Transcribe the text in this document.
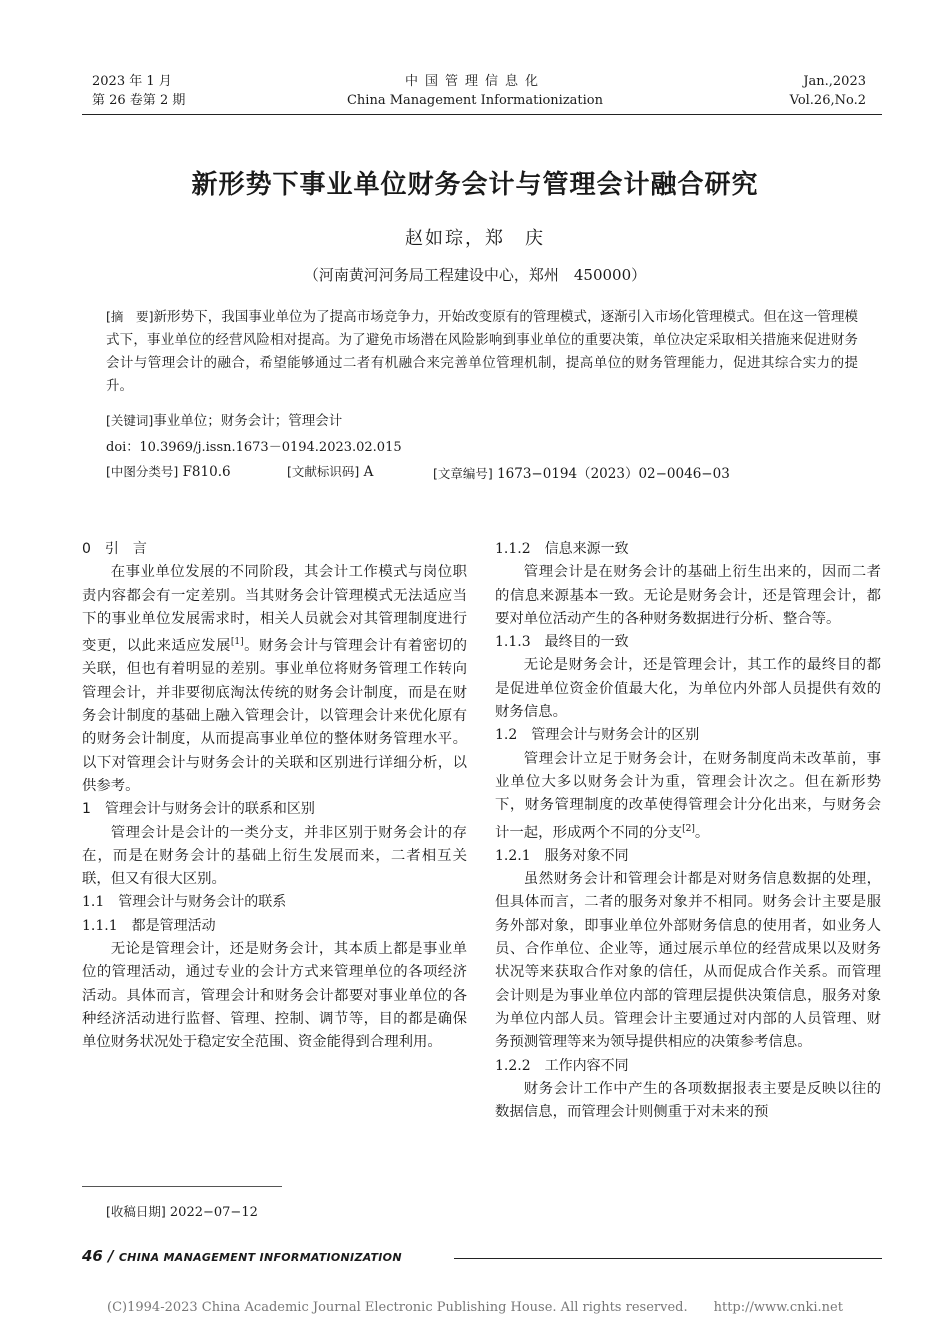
2023 年 1 月
第 26 卷第 2 期
中国管理信息化
China Management Informationization
Jan.,2023
Vol.26,No.2
新形势下事业单位财务会计与管理会计融合研究
赵如琮，郑　庆
（河南黄河河务局工程建设中心，郑州　450000）
[摘　要]新形势下，我国事业单位为了提高市场竞争力，开始改变原有的管理模式，逐渐引入市场化管理模式。但在这一管理模式下，事业单位的经营风险相对提高。为了避免市场潜在风险影响到事业单位的重要决策，单位决定采取相关措施来促进财务会计与管理会计的融合，希望能够通过二者有机融合来完善单位管理机制，提高单位的财务管理能力，促进其综合实力的提升。
[关键词]事业单位；财务会计；管理会计
doi：10.3969/j.issn.1673－0194.2023.02.015
[中图分类号] F810.6	[文献标识码] A	[文章编号] 1673−0194（2023）02−0046−03
0　引　言

在事业单位发展的不同阶段，其会计工作模式与岗位职责内容都会有一定差别。当其财务会计管理模式无法适应当下的事业单位发展需求时，相关人员就会对其管理制度进行变更，以此来适应发展[1]。财务会计与管理会计有着密切的关联，但也有着明显的差别。事业单位将财务管理工作转向管理会计，并非要彻底淘汰传统的财务会计制度，而是在财务会计制度的基础上融入管理会计，以管理会计来优化原有的财务会计制度，从而提高事业单位的整体财务管理水平。以下对管理会计与财务会计的关联和区别进行详细分析，以供参考。

1　管理会计与财务会计的联系和区别

管理会计是会计的一类分支，并非区别于财务会计的存在，而是在财务会计的基础上衍生发展而来，二者相互关联，但又有很大区别。

1.1　管理会计与财务会计的联系
1.1.1　都是管理活动

无论是管理会计，还是财务会计，其本质上都是事业单位的管理活动，通过专业的会计方式来管理单位的各项经济活动。具体而言，管理会计和财务会计都要对事业单位的各种经济活动进行监督、管理、控制、调节等，目的都是确保单位财务状况处于稳定安全范围、资金能得到合理利用。

1.1.2　信息来源一致

管理会计是在财务会计的基础上衍生出来的，因而二者的信息来源基本一致。无论是财务会计，还是管理会计，都要对单位活动产生的各种财务数据进行分析、整合等。

1.1.3　最终目的一致

无论是财务会计，还是管理会计，其工作的最终目的都是促进单位资金价值最大化，为单位内外部人员提供有效的财务信息。

1.2　管理会计与财务会计的区别

管理会计立足于财务会计，在财务制度尚未改革前，事业单位大多以财务会计为重，管理会计次之。但在新形势下，财务管理制度的改革使得管理会计分化出来，与财务会计一起，形成两个不同的分支[2]。

1.2.1　服务对象不同

虽然财务会计和管理会计都是对财务信息数据的处理，但具体而言，二者的服务对象并不相同。财务会计主要是服务外部对象，即事业单位外部财务信息的使用者，如业务人员、合作单位、企业等，通过展示单位的经营成果以及财务状况等来获取合作对象的信任，从而促成合作关系。而管理会计则是为事业单位内部的管理层提供决策信息，服务对象为单位内部人员。管理会计主要通过对内部的人员管理、财务预测管理等来为领导提供相应的决策参考信息。

1.2.2　工作内容不同

财务会计工作中产生的各项数据报表主要是反映以往的数据信息，而管理会计则侧重于对未来的预

[收稿日期] 2022−07−12
46 / CHINA MANAGEMENT INFORMATIONIZATION
(C)1994-2023 China Academic Journal Electronic Publishing House. All rights reserved.　　http://www.cnki.net
